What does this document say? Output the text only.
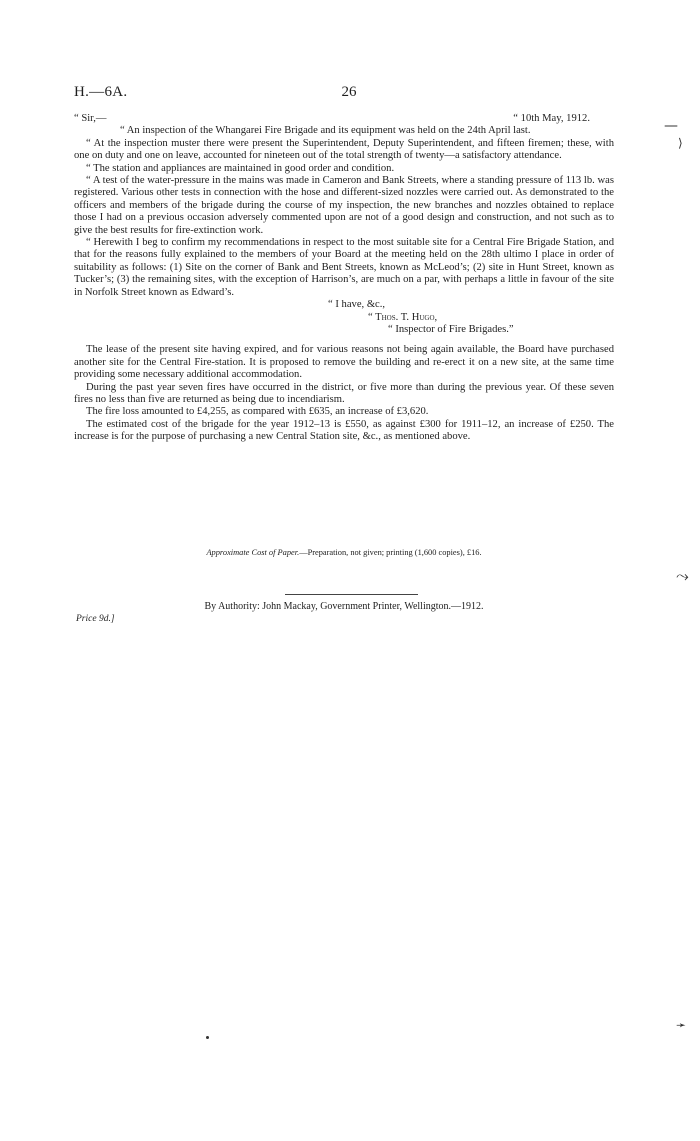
H.—6A.	26
“ Sir,—	“ 10th May, 1912.

“ An inspection of the Whangarei Fire Brigade and its equipment was held on the 24th April last.

“ At the inspection muster there were present the Superintendent, Deputy Superintendent, and fifteen firemen; these, with one on duty and one on leave, accounted for nineteen out of the total strength of twenty—a satisfactory attendance.

“ The station and appliances are maintained in good order and condition.

“ A test of the water-pressure in the mains was made in Cameron and Bank Streets, where a standing pressure of 113 lb. was registered. Various other tests in connection with the hose and different-sized nozzles were carried out. As demonstrated to the officers and members of the brigade during the course of my inspection, the new branches and nozzles obtained to replace those I had on a previous occasion adversely commented upon are not of a good design and construction, and not such as to give the best results for fire-extinction work.

“ Herewith I beg to confirm my recommendations in respect to the most suitable site for a Central Fire Brigade Station, and that for the reasons fully explained to the members of your Board at the meeting held on the 28th ultimo I place in order of suitability as follows: (1) Site on the corner of Bank and Bent Streets, known as McLeod’s; (2) site in Hunt Street, known as Tucker’s; (3) the remaining sites, with the exception of Harrison’s, are much on a par, with perhaps a little in favour of the site in Norfolk Street known as Edward’s.

“ I have, &c.,

“ Thos. T. Hugo,

“ Inspector of Fire Brigades.”

The lease of the present site having expired, and for various reasons not being again available, the Board have purchased another site for the Central Fire-station. It is proposed to remove the building and re-erect it on a new site, at the same time providing some necessary additional accommodation.

During the past year seven fires have occurred in the district, or five more than during the previous year. Of these seven fires no less than five are returned as being due to incendiarism.

The fire loss amounted to £4,255, as compared with £635, an increase of £3,620.

The estimated cost of the brigade for the year 1912–13 is £550, as against £300 for 1911–12, an increase of £250. The increase is for the purpose of purchasing a new Central Station site, &c., as mentioned above.

Approximate Cost of Paper.—Preparation, not given; printing (1,600 copies), £16.
By Authority: John Mackay, Government Printer, Wellington.—1912.
Price 9d.]
—
⟩
⤳
➛
